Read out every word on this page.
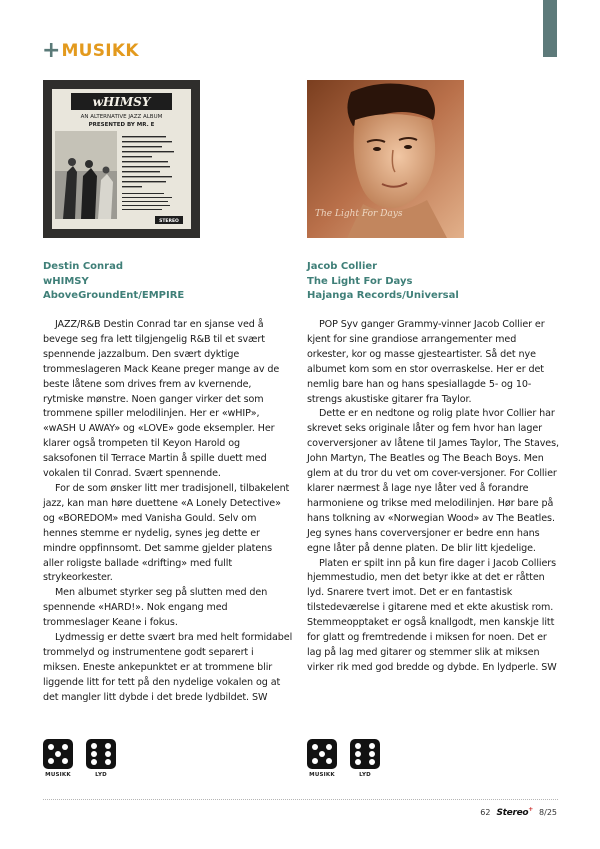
+ MUSIKK
wHIMSY
AN ALTERNATIVE JAZZ ALBUM
PRESENTED BY MR. E
STEREO
The Light For Days
Destin Conrad
wHIMSY
AboveGroundEnt/EMPIRE
Jacob Collier
The Light For Days
Hajanga Records/Universal

JAZZ/R&B Destin Conrad tar en sjanse ved å bevege seg fra lett tilgjengelig R&B til et svært spennende jazzalbum. Den svært dyktige trommeslageren Mack Keane preger mange av de beste låtene som drives frem av kvernende, rytmiske mønstre. Noen ganger virker det som trommene spiller melodilinjen. Her er «wHIP», «wASH U AWAY» og «LOVE» gode eksempler. Her klarer også trompeten til Keyon Harold og saksofonen til Terrace Martin å spille duett med vokalen til Conrad. Svært spennende.

For de som ønsker litt mer tradisjonell, tilbakelent jazz, kan man høre duettene «A Lonely Detective» og «BOREDOM» med Vanisha Gould. Selv om hennes stemme er nydelig, synes jeg dette er mindre oppfinnsomt. Det samme gjelder platens aller roligste ballade «drifting» med fullt strykeorkester.

Men albumet styrker seg på slutten med den spennende «HARD!». Nok engang med trommeslager Keane i fokus.

Lydmessig er dette svært bra med helt formidabel trommelyd og instrumentene godt separert i miksen. Eneste ankepunktet er at trommene blir liggende litt for tett på den nydelige vokalen og at det mangler litt dybde i det brede lydbildet. SW

POP Syv ganger Grammy-vinner Jacob Collier er kjent for sine grandiose arrangementer med orkester, kor og masse gjesteartister. Så det nye albumet kom som en stor overraskelse. Her er det nemlig bare han og hans spesiallagde 5- og 10-strengs akustiske gitarer fra Taylor.

Dette er en nedtone og rolig plate hvor Collier har skrevet seks originale låter og fem hvor han lager coverversjoner av låtene til James Taylor, The Staves, John Martyn, The Beatles og The Beach Boys. Men glem at du tror du vet om cover-versjoner. For Collier klarer nærmest å lage nye låter ved å forandre harmoniene og trikse med melodilinjen. Hør bare på hans tolkning av «Norwegian Wood» av The Beatles. Jeg synes hans coverversjoner er bedre enn hans egne låter på denne platen. De blir litt kjedelige.

Platen er spilt inn på kun fire dager i Jacob Colliers hjemmestudio, men det betyr ikke at det er råtten lyd. Snarere tvert imot. Det er en fantastisk tilstedeværelse i gitarene med et ekte akustisk rom. Stemmeopptaket er også knallgodt, men kanskje litt for glatt og fremtredende i miksen for noen. Det er lag på lag med gitarer og stemmer slik at miksen virker rik med god bredde og dybde. En lydperle. SW

MUSIKK	LYD	MUSIKK	LYD
62 Stereo+ 8/25
